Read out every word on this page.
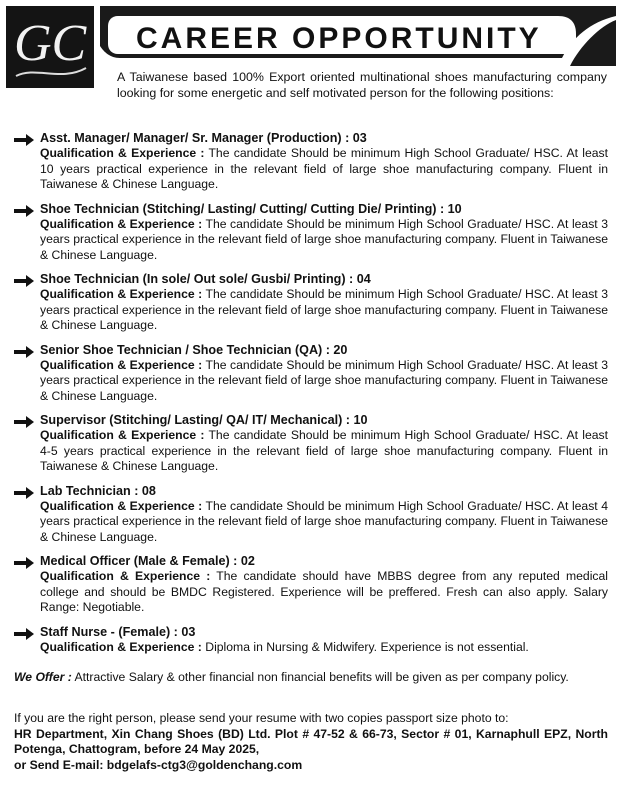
GC CAREER OPPORTUNITY
A Taiwanese based 100% Export oriented multinational shoes manufacturing company looking for some energetic and self motivated person for the following positions:
Asst. Manager/ Manager/ Sr. Manager (Production) : 03
Qualification & Experience : The candidate Should be minimum High School Graduate/ HSC. At least 10 years practical experience in the relevant field of large shoe manufacturing company. Fluent in Taiwanese & Chinese Language.
Shoe Technician (Stitching/ Lasting/ Cutting/ Cutting Die/ Printing) : 10
Qualification & Experience : The candidate Should be minimum High School Graduate/ HSC. At least 3 years practical experience in the relevant field of large shoe manufacturing company. Fluent in Taiwanese & Chinese Language.
Shoe Technician (In sole/ Out sole/ Gusbi/ Printing) : 04
Qualification & Experience : The candidate Should be minimum High School Graduate/ HSC. At least 3 years practical experience in the relevant field of large shoe manufacturing company. Fluent in Taiwanese & Chinese Language.
Senior Shoe Technician / Shoe Technician (QA) : 20
Qualification & Experience : The candidate Should be minimum High School Graduate/ HSC. At least 3 years practical experience in the relevant field of large shoe manufacturing company. Fluent in Taiwanese & Chinese Language.
Supervisor (Stitching/ Lasting/ QA/ IT/ Mechanical) : 10
Qualification & Experience : The candidate Should be minimum High School Graduate/ HSC. At least 4-5 years practical experience in the relevant field of large shoe manufacturing company. Fluent in Taiwanese & Chinese Language.
Lab Technician : 08
Qualification & Experience : The candidate Should be minimum High School Graduate/ HSC. At least 4 years practical experience in the relevant field of large shoe manufacturing company. Fluent in Taiwanese & Chinese Language.
Medical Officer (Male & Female) : 02
Qualification & Experience : The candidate should have MBBS degree from any reputed medical college and should be BMDC Registered. Experience will be preffered. Fresh can also apply. Salary Range: Negotiable.
Staff Nurse - (Female) : 03
Qualification & Experience : Diploma in Nursing & Midwifery. Experience is not essential.
We Offer : Attractive Salary & other financial non financial benefits will be given as per company policy.
If you are the right person, please send your resume with two copies passport size photo to:
HR Department, Xin Chang Shoes (BD) Ltd. Plot # 47-52 & 66-73, Sector # 01, Karnaphull EPZ, North Potenga, Chattogram, before 24 May 2025,
or Send E-mail: bdgelafs-ctg3@goldenchang.com
